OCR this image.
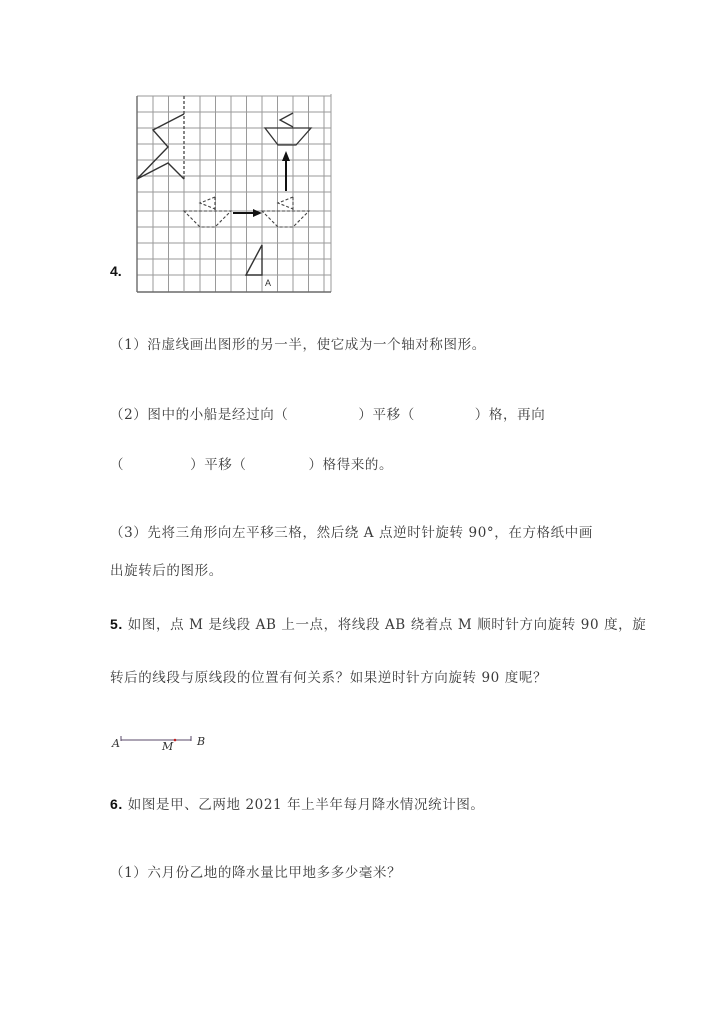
4.
A
（1）沿虚线画出图形的另一半，使它成为一个轴对称图形。
（2）图中的小船是经过向（	）平移（	）格，再向
（	）平移（	）格得来的。
（3）先将三角形向左平移三格，然后绕 A 点逆时针旋转 90°，在方格纸中画
出旋转后的图形。
5. 如图，点 M 是线段 AB 上一点，将线段 AB 绕着点 M 顺时针方向旋转 90 度，旋
转后的线段与原线段的位置有何关系？如果逆时针方向旋转 90 度呢？
A	M B
6. 如图是甲、乙两地 2021 年上半年每月降水情况统计图。
（1）六月份乙地的降水量比甲地多多少毫米？
